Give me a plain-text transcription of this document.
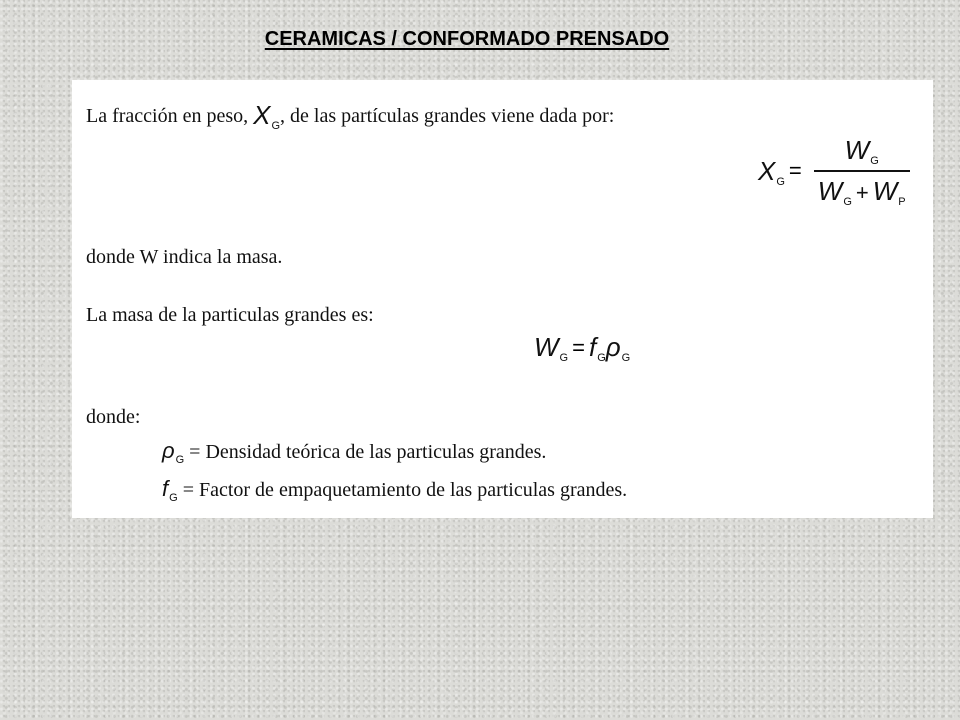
CERAMICAS / CONFORMADO PRENSADO
La fracción en peso, XG, de las partículas grandes viene dada por:
XG = $\frac{WG}{WG + WP}$
donde W indica la masa.
La masa de la particulas grandes es:
WG = fGρG
donde:
$\rho_G$ = Densidad teórica de las particulas grandes.
$f_G$ = Factor de empaquetamiento de las particulas grandes.
